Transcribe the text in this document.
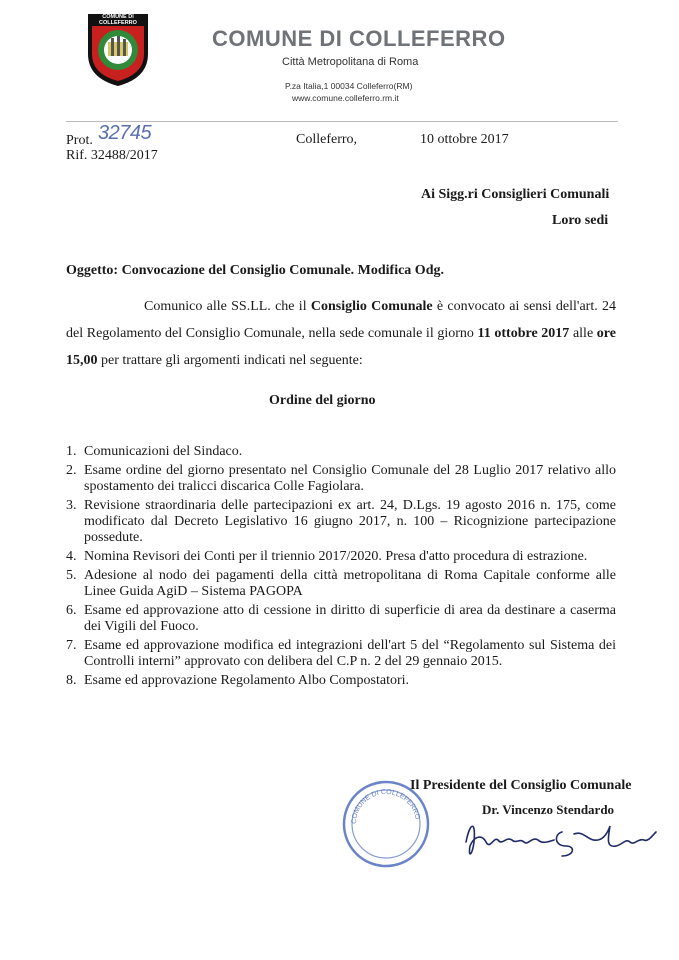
COMUNE DI COLLEFERRO
COMUNE DI COLLEFERRO
Città Metropolitana di Roma
P.za Italia,1 00034 Colleferro(RM)
www.comune.colleferro.rm.it
Prot. 32745
Rif. 32488/2017
Colleferro,	10 ottobre 2017
Ai Sigg.ri Consiglieri Comunali
Loro sedi
Oggetto: Convocazione del Consiglio Comunale. Modifica Odg.

Comunico alle SS.LL. che il Consiglio Comunale è convocato ai sensi dell'art. 24 del Regolamento del Consiglio Comunale, nella sede comunale il giorno 11 ottobre 2017 alle ore 15,00 per trattare gli argomenti indicati nel seguente:

Ordine del giorno
1. Comunicazioni del Sindaco.
2. Esame ordine del giorno presentato nel Consiglio Comunale del 28 Luglio 2017 relativo allo spostamento dei tralicci discarica Colle Fagiolara.
3. Revisione straordinaria delle partecipazioni ex art. 24, D.Lgs. 19 agosto 2016 n. 175, come modificato dal Decreto Legislativo 16 giugno 2017, n. 100 – Ricognizione partecipazione possedute.
4. Nomina Revisori dei Conti per il triennio 2017/2020. Presa d'atto procedura di estrazione.
5. Adesione al nodo dei pagamenti della città metropolitana di Roma Capitale conforme alle Linee Guida AgiD – Sistema PAGOPA
6. Esame ed approvazione atto di cessione in diritto di superficie di area da destinare a caserma dei Vigili del Fuoco.
7. Esame ed approvazione modifica ed integrazioni dell'art 5 del “Regolamento sul Sistema dei Controlli interni” approvato con delibera del C.P n. 2 del 29 gennaio 2015.
8. Esame ed approvazione Regolamento Albo Compostatori.
COMUNE DI COLLEFERRO
Il Presidente del Consiglio Comunale
Dr. Vincenzo Stendardo
